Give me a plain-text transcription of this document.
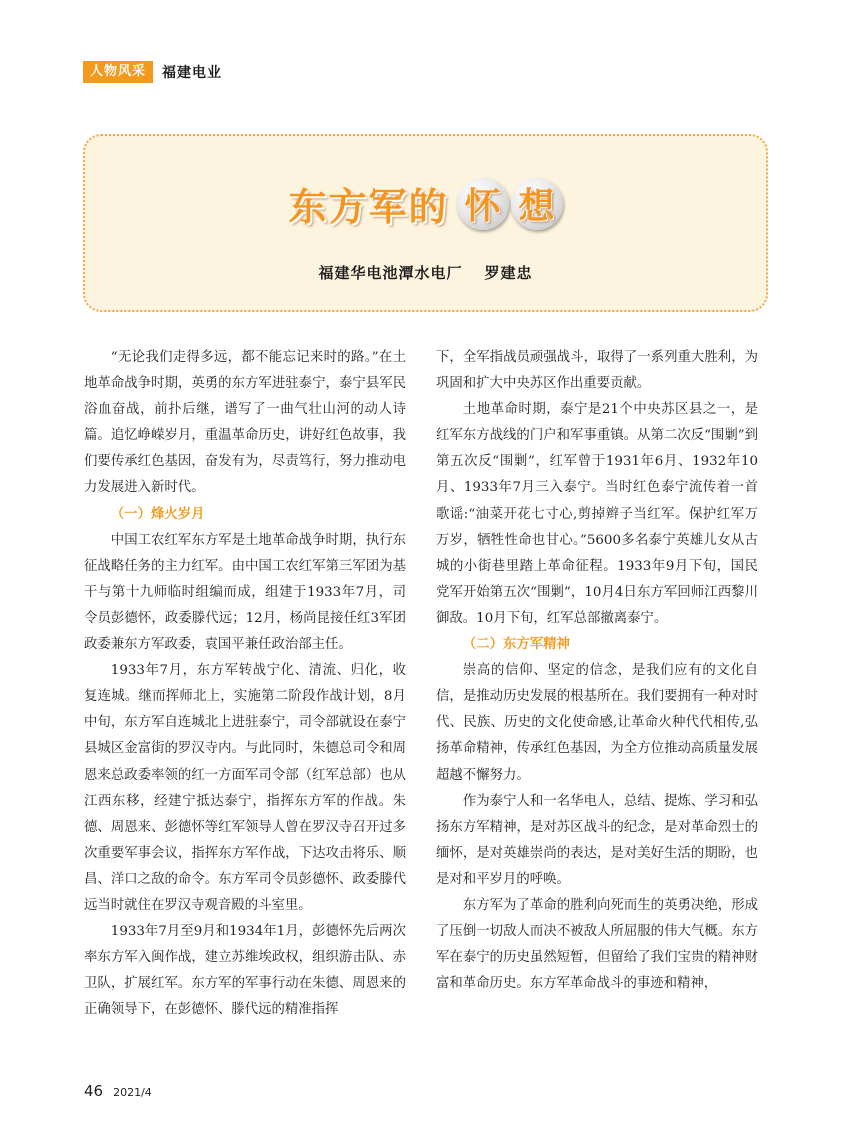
人物风采	福建电业
东方军的 怀 想
福建华电池潭水电厂 罗建忠

“无论我们走得多远，都不能忘记来时的路。”在土地革命战争时期，英勇的东方军进驻泰宁，泰宁县军民浴血奋战，前扑后继，谱写了一曲气壮山河的动人诗篇。追忆峥嵘岁月，重温革命历史，讲好红色故事，我们要传承红色基因，奋发有为，尽责笃行，努力推动电力发展进入新时代。

（一）烽火岁月

中国工农红军东方军是土地革命战争时期，执行东征战略任务的主力红军。由中国工农红军第三军团为基干与第十九师临时组编而成，组建于1933年7月，司令员彭德怀，政委滕代远；12月，杨尚昆接任红3军团政委兼东方军政委，袁国平兼任政治部主任。

1933年7月，东方军转战宁化、清流、归化，收复连城。继而挥师北上，实施第二阶段作战计划，8月中旬，东方军自连城北上进驻泰宁，司令部就设在泰宁县城区金富街的罗汉寺内。与此同时，朱德总司令和周恩来总政委率领的红一方面军司令部（红军总部）也从江西东移，经建宁抵达泰宁，指挥东方军的作战。朱德、周恩来、彭德怀等红军领导人曾在罗汉寺召开过多次重要军事会议，指挥东方军作战，下达攻击将乐、顺昌、洋口之敌的命令。东方军司令员彭德怀、政委滕代远当时就住在罗汉寺观音殿的斗室里。

1933年7月至9月和1934年1月，彭德怀先后两次率东方军入闽作战，建立苏维埃政权，组织游击队、赤卫队，扩展红军。东方军的军事行动在朱德、周恩来的正确领导下，在彭德怀、滕代远的精准指挥

下，全军指战员顽强战斗，取得了一系列重大胜利，为巩固和扩大中央苏区作出重要贡献。

土地革命时期，泰宁是21个中央苏区县之一，是红军东方战线的门户和军事重镇。从第二次反“围剿”到第五次反“围剿”，红军曾于1931年6月、1932年10月、1933年7月三入泰宁。当时红色泰宁流传着一首歌谣:“油菜开花七寸心,剪掉辫子当红军。保护红军万万岁，牺牲性命也甘心。”5600多名泰宁英雄儿女从古城的小街巷里踏上革命征程。1933年9月下旬，国民党军开始第五次“围剿”，10月4日东方军回师江西黎川御敌。10月下旬，红军总部撤离泰宁。

（二）东方军精神

崇高的信仰、坚定的信念，是我们应有的文化自信，是推动历史发展的根基所在。我们要拥有一种对时代、民族、历史的文化使命感,让革命火种代代相传,弘扬革命精神，传承红色基因，为全方位推动高质量发展超越不懈努力。

作为泰宁人和一名华电人，总结、提炼、学习和弘扬东方军精神，是对苏区战斗的纪念，是对革命烈士的缅怀，是对英雄崇尚的表达，是对美好生活的期盼，也是对和平岁月的呼唤。

东方军为了革命的胜利向死而生的英勇决绝，形成了压倒一切敌人而决不被敌人所屈服的伟大气概。东方军在泰宁的历史虽然短暂，但留给了我们宝贵的精神财富和革命历史。东方军革命战斗的事迹和精神，

46 2021/4
